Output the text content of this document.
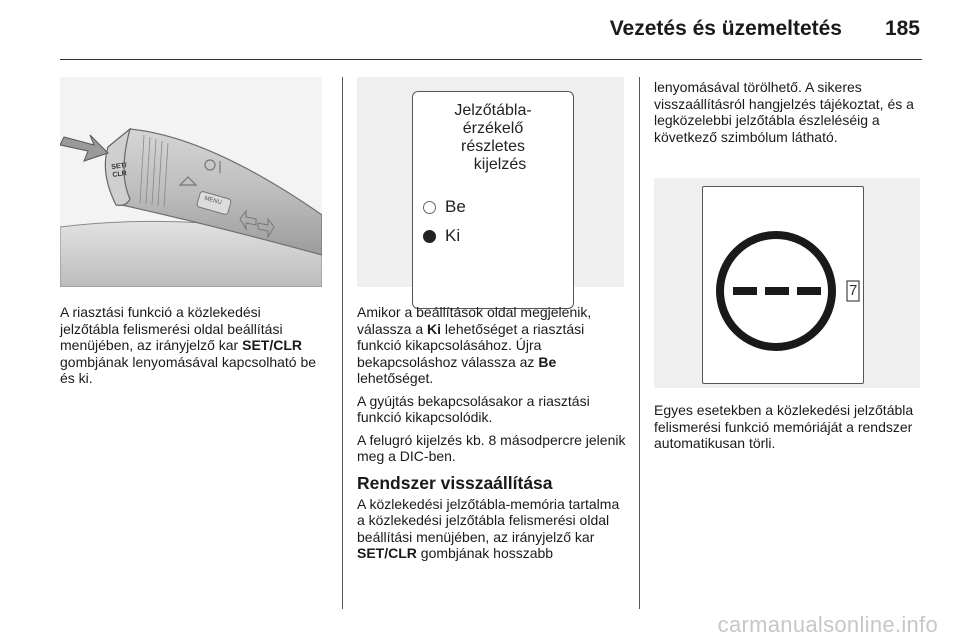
Vezetés és üzemeltetés 185
SET/
CLR
MENU

A riasztási funkció a közlekedési jelzőtábla felismerési oldal beállítási menüjében, az irányjelző kar SET/CLR gombjának lenyomásával kapcsolható be és ki.

Jelzőtábla-
érzékelő
részletes
kijelzés
Be
Ki

Amikor a beállítások oldal megjelenik, válassza a Ki lehetőséget a riasztási funkció kikapcsolásához. Újra bekapcsoláshoz válassza az Be lehetőséget.

A gyújtás bekapcsolásakor a riasztási funkció kikapcsolódik.

A felugró kijelzés kb. 8 másodpercre jelenik meg a DIC-ben.

Rendszer visszaállítása

A közlekedési jelzőtábla-memória tartalma a közlekedési jelzőtábla felismerési oldal beállítási menüjében, az irányjelző kar SET/CLR gombjának hosszabb

lenyomásával törölhető. A sikeres visszaállításról hangjelzés tájékoztat, és a legközelebbi jelzőtábla észleléséig a következő szimbólum látható.

7

Egyes esetekben a közlekedési jelzőtábla felismerési funkció memóriáját a rendszer automatikusan törli.

carmanualsonline.info
